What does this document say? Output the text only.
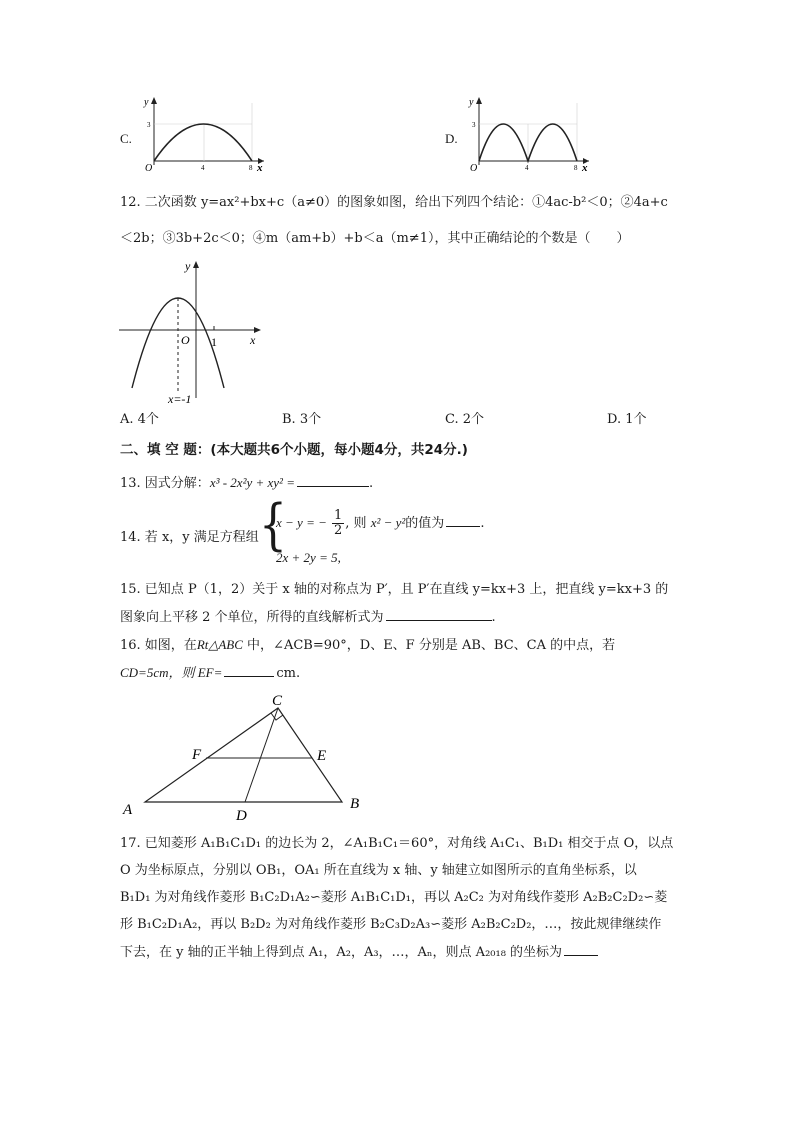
C.
y
x
O
3
4	8
D.
y
x
O
3
4	8
12. 二次函数 y=ax²+bx+c（a≠0）的图象如图，给出下列四个结论：①4ac-b²＜0；②4a+c
＜2b；③3b+2c＜0；④m（am+b）+b＜a（m≠1），其中正确结论的个数是（　　）
y
x
O 1
x=-1
A. 4个	B. 3个	C. 2个	D. 1个
二、填 空 题：(本大题共6个小题，每小题4分，共24分.)
13. 因式分解：x³ - 2x²y + xy² =	.
14. 若 x，y 满足方程组 {
x − y = − $\frac{1}{2}$ , 则 x² − y²的值为	.
2x + 2y = 5,
15. 已知点 P（1，2）关于 x 轴的对称点为 P′，且 P′在直线 y=kx+3 上，把直线 y=kx+3 的
图象向上平移 2 个单位，所得的直线解析式为	.
16. 如图，在Rt△ABC 中，∠ACB=90°，D、E、F 分别是 AB、BC、CA 的中点，若
CD=5cm，则 EF=	cm.
A	B
C
D
E
F
17. 已知菱形 A₁B₁C₁D₁ 的边长为 2，∠A₁B₁C₁＝60°，对角线 A₁C₁、B₁D₁ 相交于点 O，以点
O 为坐标原点，分别以 OB₁，OA₁ 所在直线为 x 轴、y 轴建立如图所示的直角坐标系，以
B₁D₁ 为对角线作菱形 B₁C₂D₁A₂∽菱形 A₁B₁C₁D₁，再以 A₂C₂ 为对角线作菱形 A₂B₂C₂D₂∽菱
形 B₁C₂D₁A₂，再以 B₂D₂ 为对角线作菱形 B₂C₃D₂A₃∽菱形 A₂B₂C₂D₂，…，按此规律继续作
下去，在 y 轴的正半轴上得到点 A₁，A₂，A₃，…，Aₙ，则点 A₂₀₁₈ 的坐标为
